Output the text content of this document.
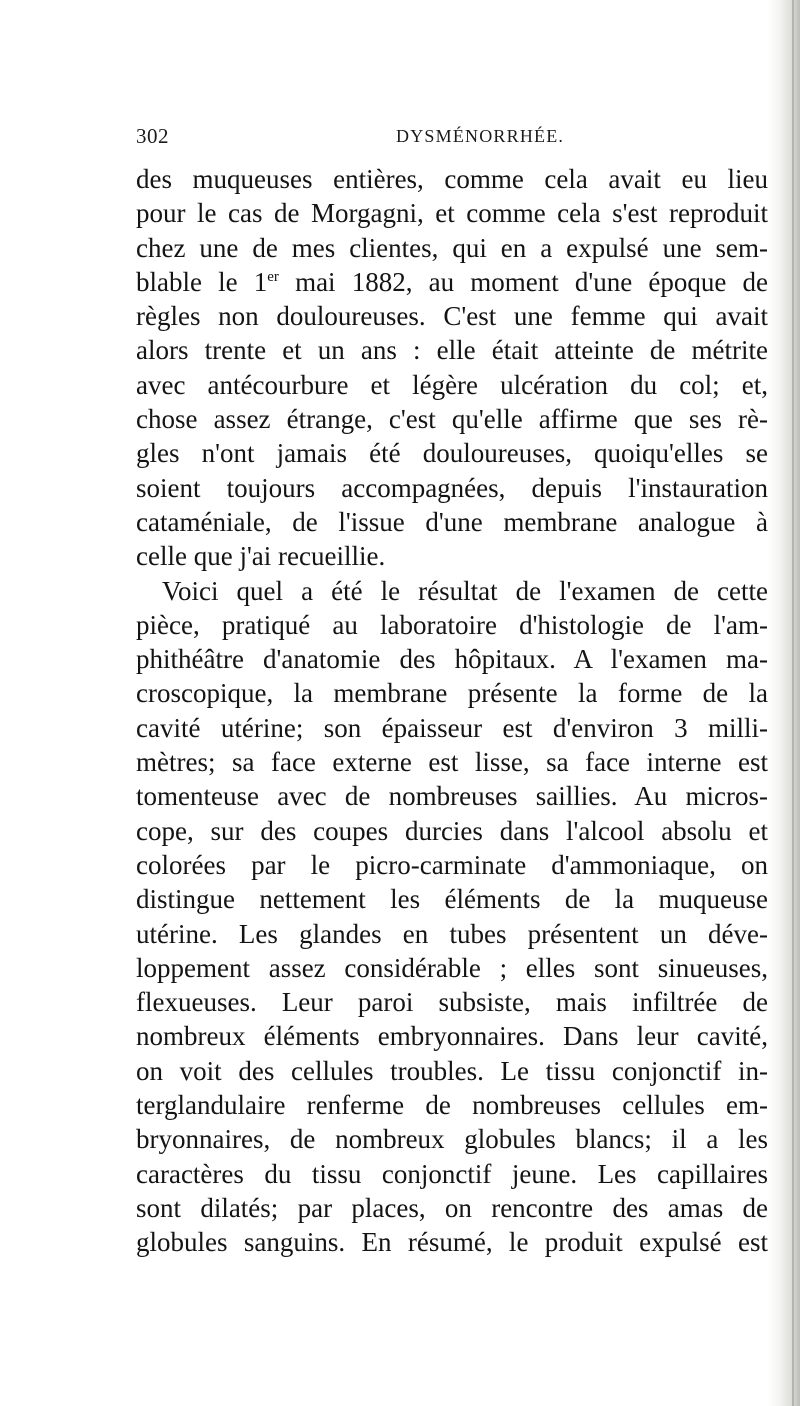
302	DYSMÉNORRHÉE.
des muqueuses entières, comme cela avait eu lieu
pour le cas de Morgagni, et comme cela s'est reproduit
chez une de mes clientes, qui en a expulsé une sem-
blable le 1er mai 1882, au moment d'une époque de
règles non douloureuses. C'est une femme qui avait
alors trente et un ans : elle était atteinte de métrite
avec antécourbure et légère ulcération du col; et,
chose assez étrange, c'est qu'elle affirme que ses rè-
gles n'ont jamais été douloureuses, quoiqu'elles se
soient toujours accompagnées, depuis l'instauration
cataméniale, de l'issue d'une membrane analogue à
celle que j'ai recueillie.
Voici quel a été le résultat de l'examen de cette
pièce, pratiqué au laboratoire d'histologie de l'am-
phithéâtre d'anatomie des hôpitaux. A l'examen ma-
croscopique, la membrane présente la forme de la
cavité utérine; son épaisseur est d'environ 3 milli-
mètres; sa face externe est lisse, sa face interne est
tomenteuse avec de nombreuses saillies. Au micros-
cope, sur des coupes durcies dans l'alcool absolu et
colorées par le picro-carminate d'ammoniaque, on
distingue nettement les éléments de la muqueuse
utérine. Les glandes en tubes présentent un déve-
loppement assez considérable ; elles sont sinueuses,
flexueuses. Leur paroi subsiste, mais infiltrée de
nombreux éléments embryonnaires. Dans leur cavité,
on voit des cellules troubles. Le tissu conjonctif in-
terglandulaire renferme de nombreuses cellules em-
bryonnaires, de nombreux globules blancs; il a les
caractères du tissu conjonctif jeune. Les capillaires
sont dilatés; par places, on rencontre des amas de
globules sanguins. En résumé, le produit expulsé est
